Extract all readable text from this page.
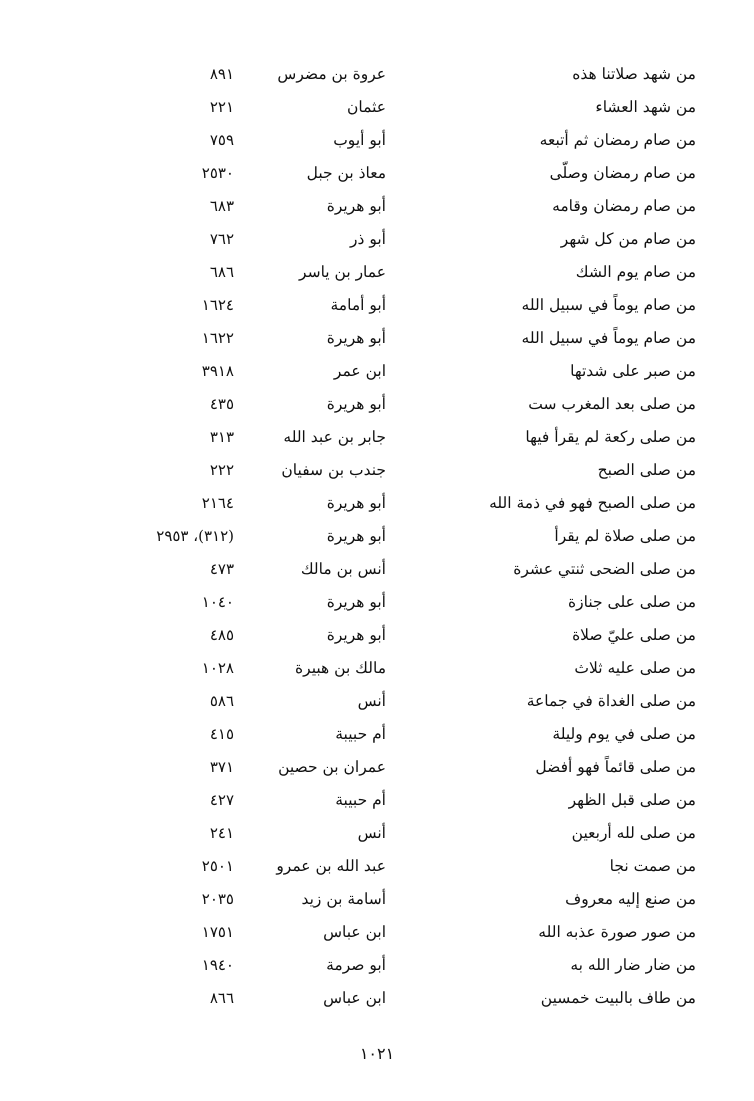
من شهد صلاتنا هذه
عروة بن مضرس
٨٩١
من شهد العشاء
عثمان
٢٢١
من صام رمضان ثم أتبعه
أبو أيوب
٧٥٩
من صام رمضان وصلّى
معاذ بن جبل
٢٥٣٠
من صام رمضان وقامه
أبو هريرة
٦٨٣
من صام من كل شهر
أبو ذر
٧٦٢
من صام يوم الشك
عمار بن ياسر
٦٨٦
من صام يوماً في سبيل الله
أبو أمامة
١٦٢٤
من صام يوماً في سبيل الله
أبو هريرة
١٦٢٢
من صبر على شدتها
ابن عمر
٣٩١٨
من صلى بعد المغرب ست
أبو هريرة
٤٣٥
من صلى ركعة لم يقرأ فيها
جابر بن عبد الله
٣١٣
من صلى الصبح
جندب بن سفيان
٢٢٢
من صلى الصبح فهو في ذمة الله
أبو هريرة
٢١٦٤
من صلى صلاة لم يقرأ
أبو هريرة
(٣١٢)، ٢٩٥٣
من صلى الضحى ثنتي عشرة
أنس بن مالك
٤٧٣
من صلى على جنازة
أبو هريرة
١٠٤٠
من صلى عليّ صلاة
أبو هريرة
٤٨٥
من صلى عليه ثلاث
مالك بن هبيرة
١٠٢٨
من صلى الغداة في جماعة
أنس
٥٨٦
من صلى في يوم وليلة
أم حبيبة
٤١٥
من صلى قائماً فهو أفضل
عمران بن حصين
٣٧١
من صلى قبل الظهر
أم حبيبة
٤٢٧
من صلى لله أربعين
أنس
٢٤١
من صمت نجا
عبد الله بن عمرو
٢٥٠١
من صنع إليه معروف
أسامة بن زيد
٢٠٣٥
من صور صورة عذبه الله
ابن عباس
١٧٥١
من ضار ضار الله به
أبو صرمة
١٩٤٠
من طاف بالبيت خمسين
ابن عباس
٨٦٦
١٠٢١
